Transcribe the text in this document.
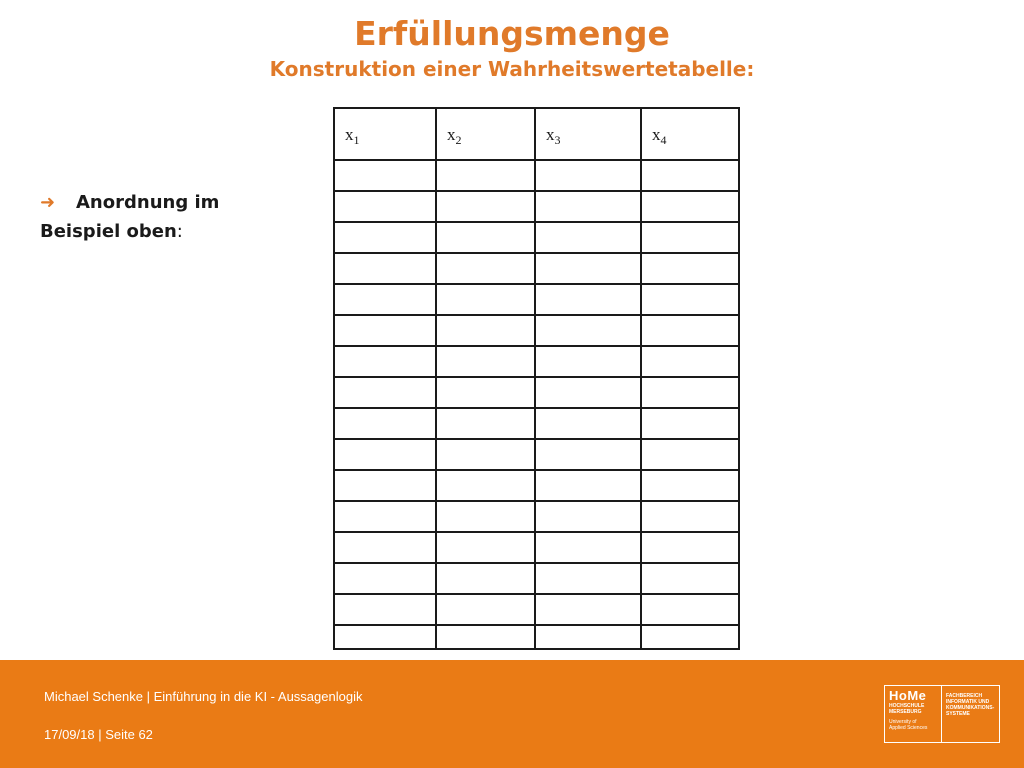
Erfüllungsmenge
Konstruktion einer Wahrheitswertetabelle:
➜ Anordnung im Beispiel oben:
$x_1$	$x_2$	$x_3$	$x_4$

Michael Schenke | Einführung in die KI - Aussagenlogik
17/09/18 | Seite 62
HoMe
HOCHSCHULE
MERSEBURG
University of
Applied Sciences
FACHBEREICH
INFORMATIK UND
KOMMUNIKATIONS-
SYSTEME
